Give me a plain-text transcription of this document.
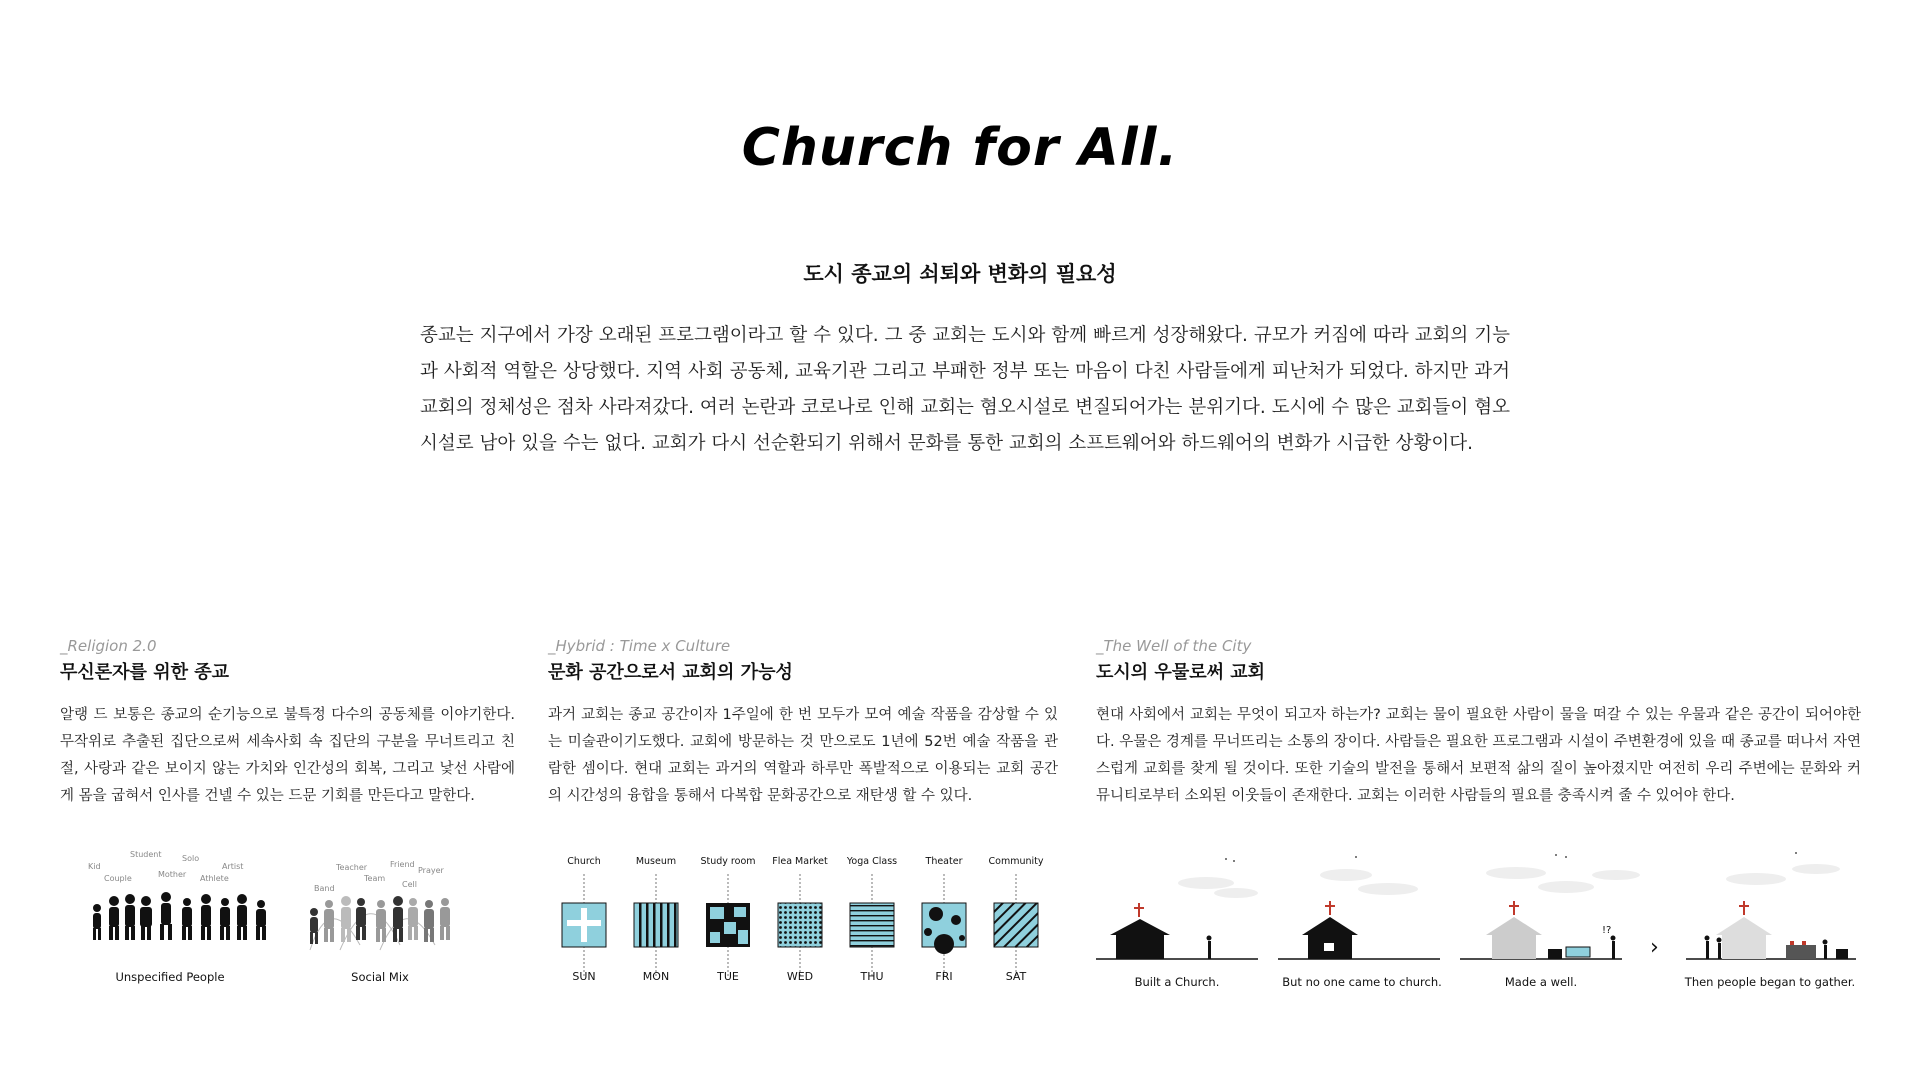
Church for All.
도시 종교의 쇠퇴와 변화의 필요성
종교는 지구에서 가장 오래된 프로그램이라고 할 수 있다. 그 중 교회는 도시와 함께 빠르게 성장해왔다. 규모가 커짐에 따라 교회의 기능과 사회적 역할은 상당했다. 지역 사회 공동체, 교육기관 그리고 부패한 정부 또는 마음이 다친 사람들에게 피난처가 되었다. 하지만 과거 교회의 정체성은 점차 사라져갔다. 여러 논란과 코로나로 인해 교회는 혐오시설로 변질되어가는 분위기다. 도시에 수 많은 교회들이 혐오시설로 남아 있을 수는 없다. 교회가 다시 선순환되기 위해서 문화를 통한 교회의 소프트웨어와 하드웨어의 변화가 시급한 상황이다.
_Religion 2.0
무신론자를 위한 종교
알랭 드 보통은 종교의 순기능으로 불특정 다수의 공동체를 이야기한다. 무작위로 추출된 집단으로써 세속사회 속 집단의 구분을 무너트리고 친절, 사랑과 같은 보이지 않는 가치와 인간성의 회복, 그리고 낯선 사람에게 몸을 굽혀서 인사를 건넬 수 있는 드문 기회를 만든다고 말한다.
Student	Solo
Kid	Artist
Couple	Mother Athlete
Teacher	Friend
Prayer
Team
Band	Cell
Unspecified People	Social Mix
_Hybrid : Time x Culture
문화 공간으로서 교회의 가능성
과거 교회는 종교 공간이자 1주일에 한 번 모두가 모여 예술 작품을 감상할 수 있는 미술관이기도했다. 교회에 방문하는 것 만으로도 1년에 52번 예술 작품을 관람한 셈이다. 현대 교회는 과거의 역할과 하루만 폭발적으로 이용되는 교회 공간의 시간성의 융합을 통해서 다복합 문화공간으로 재탄생 할 수 있다.
Church	Museum	Study room	Flea Market	Yoga Class	Theater	Community
SUN	MON	TUE	WED	THU	FRI	SAT
_The Well of the City
도시의 우물로써 교회
현대 사회에서 교회는 무엇이 되고자 하는가? 교회는 물이 필요한 사람이 물을 떠갈 수 있는 우물과 같은 공간이 되어야한다. 우물은 경계를 무너뜨리는 소통의 장이다. 사람들은 필요한 프로그램과 시설이 주변환경에 있을 때 종교를 떠나서 자연스럽게 교회를 찾게 될 것이다. 또한 기술의 발전을 통해서 보편적 삶의 질이 높아졌지만 여전히 우리 주변에는 문화와 커뮤니티로부터 소외된 이웃들이 존재한다. 교회는 이러한 사람들의 필요를 충족시켜 줄 수 있어야 한다.
!?
›
Built a Church.	But no one came to church.	Made a well.	Then people began to gather.
